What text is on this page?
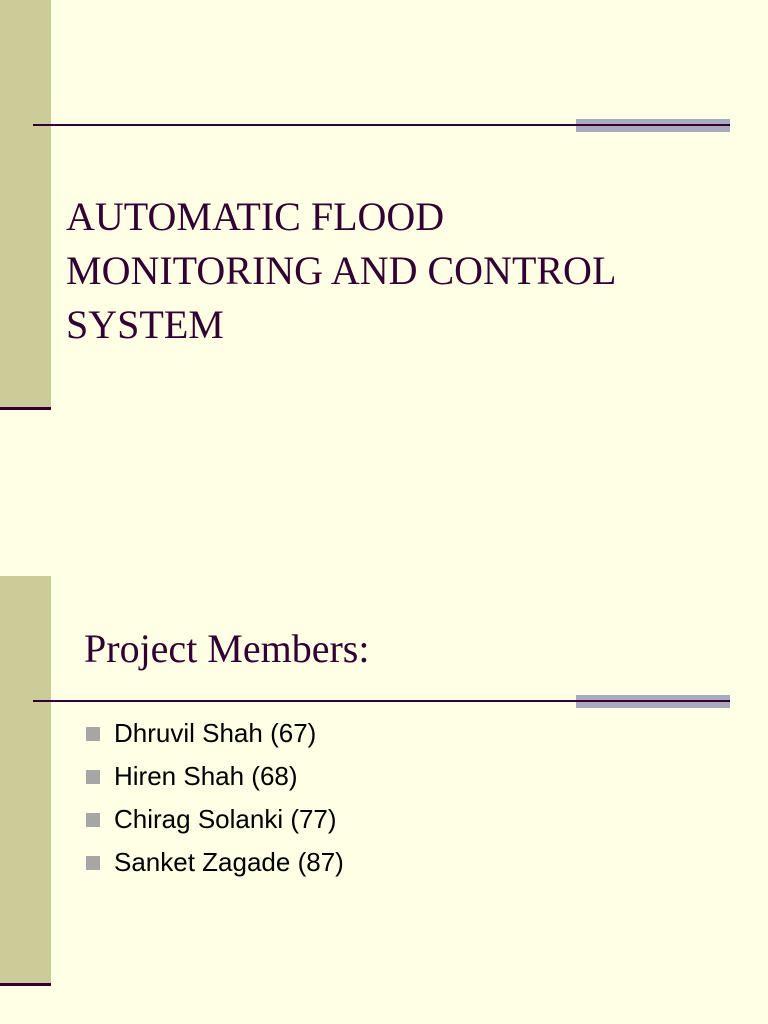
AUTOMATIC FLOOD
MONITORING AND CONTROL
SYSTEM
Project Members:
Dhruvil Shah (67)
Hiren Shah (68)
Chirag Solanki (77)
Sanket Zagade (87)
